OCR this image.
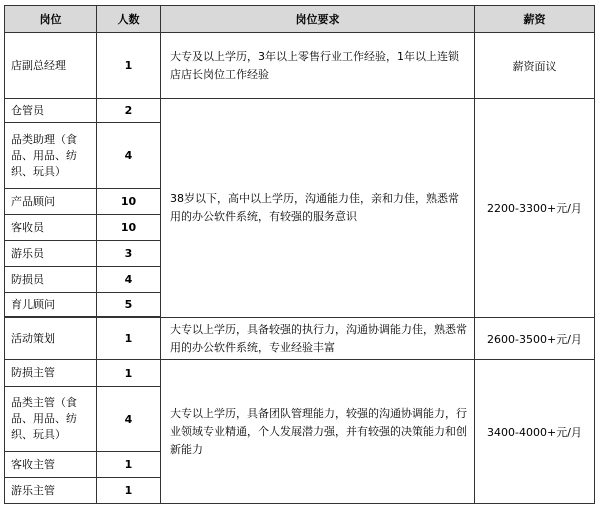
岗位	人数	岗位要求	薪资
店副总经理	1	大专及以上学历，3年以上零售行业工作经验，1年以上连锁店店长岗位工作经验	薪资面议
仓管员	2	38岁以下，高中以上学历，沟通能力佳，亲和力佳，熟悉常用的办公软件系统，有较强的服务意识	2200-3300+元/月
品类助理（食品、用品、纺织、玩具）	4		
产品顾问	10		
客收员	10		
游乐员	3		
防损员	4		
育儿顾问	5		

活动策划	1	大专以上学历，具备较强的执行力，沟通协调能力佳，熟悉常用的办公软件系统，专业经验丰富	2600-3500+元/月
防损主管	1	大专以上学历，具备团队管理能力，较强的沟通协调能力，行业领域专业精通，个人发展潜力强，并有较强的决策能力和创新能力	3400-4000+元/月
品类主管（食品、用品、纺织、玩具）	4		
客收主管	1		
游乐主管	1		
